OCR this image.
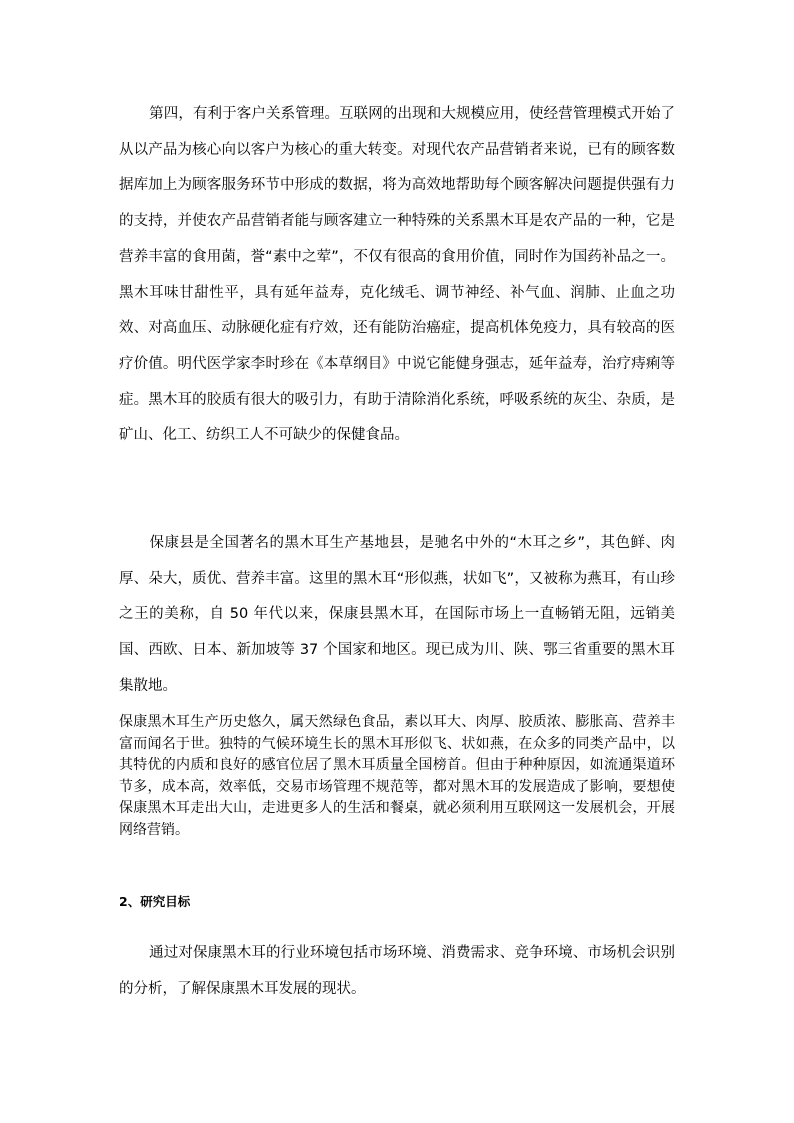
第四，有利于客户关系管理。互联网的出现和大规模应用，使经营管理模式开始了从以产品为核心向以客户为核心的重大转变。对现代农产品营销者来说，已有的顾客数据库加上为顾客服务环节中形成的数据，将为高效地帮助每个顾客解决问题提供强有力的支持，并使农产品营销者能与顾客建立一种特殊的关系黑木耳是农产品的一种，它是营养丰富的食用菌，誉“素中之荤”，不仅有很高的食用价值，同时作为国药补品之一。黑木耳味甘甜性平，具有延年益寿，克化绒毛、调节神经、补气血、润肺、止血之功效、对高血压、动脉硬化症有疗效，还有能防治癌症，提高机体免疫力，具有较高的医疗价值。明代医学家李时珍在《本草纲目》中说它能健身强志，延年益寿，治疗痔痢等症。黑木耳的胶质有很大的吸引力，有助于清除消化系统，呼吸系统的灰尘、杂质，是矿山、化工、纺织工人不可缺少的保健食品。

保康县是全国著名的黑木耳生产基地县，是驰名中外的“木耳之乡”，其色鲜、肉厚、朵大，质优、营养丰富。这里的黑木耳“形似燕，状如飞”，又被称为燕耳，有山珍之王的美称，自 50 年代以来，保康县黑木耳，在国际市场上一直畅销无阻，远销美国、西欧、日本、新加坡等 37 个国家和地区。现已成为川、陕、鄂三省重要的黑木耳集散地。

保康黑木耳生产历史悠久，属天然绿色食品，素以耳大、肉厚、胶质浓、膨胀高、营养丰富而闻名于世。独特的气候环境生长的黑木耳形似飞、状如燕，在众多的同类产品中，以其特优的内质和良好的感官位居了黑木耳质量全国榜首。但由于种种原因，如流通渠道环节多，成本高，效率低，交易市场管理不规范等，都对黑木耳的发展造成了影响，要想使保康黑木耳走出大山，走进更多人的生活和餐桌，就必须利用互联网这一发展机会，开展网络营销。

2、研究目标

通过对保康黑木耳的行业环境包括市场环境、消费需求、竞争环境、市场机会识别的分析，了解保康黑木耳发展的现状。
